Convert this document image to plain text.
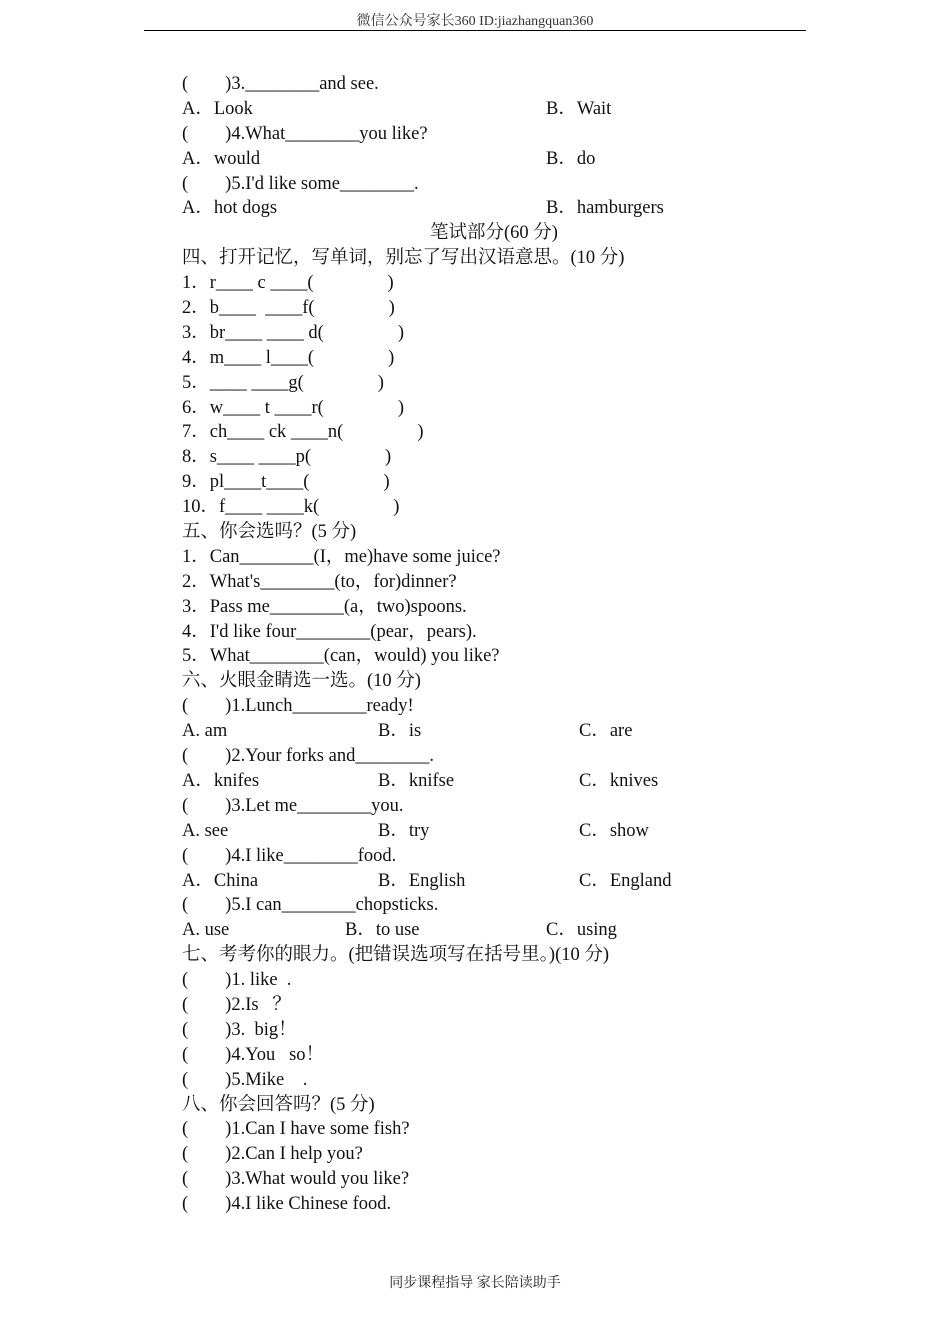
微信公众号家长360 ID:jiazhangquan360
(        )3.________and see.
A．Look	B．Wait
(        )4.What________you like?
A．would	B．do
(        )5.I'd like some________.
A．hot dogs	B．hamburgers
笔试部分(60 分)
四、打开记忆，写单词，别忘了写出汉语意思。(10 分)
1．r____ c ____(                )
2．b____  ____f(                )
3．br____ ____ d(                )
4．m____ l____(                )
5．____ ____g(                )
6．w____ t ____r(                )
7．ch____ ck ____n(                )
8．s____ ____p(                )
9．pl____t____(                )
10．f____ ____k(                )
五、你会选吗？(5 分)
1．Can________(I，me)have some juice?
2．What's________(to，for)dinner?
3．Pass me________(a，two)spoons.
4．I'd like four________(pear，pears).
5．What________(can，would) you like?
六、火眼金睛选一选。(10 分)
(        )1.Lunch________ready!
A. am	B．is	C．are
(        )2.Your forks and________.
A．knifes	B．knifse	C．knives
(        )3.Let me________you.
A. see	B．try	C．show
(        )4.I like________food.
A．China	B．English	C．England
(        )5.I can________chopsticks.
A. use	B．to use	C．using
七、考考你的眼力。(把错误选项写在括号里。)(10 分)
(        )1. like  .
(        )2.Is   ？
(        )3.  big！
(        )4.You   so！
(        )5.Mike    .
八、你会回答吗？(5 分)
(        )1.Can I have some fish?
(        )2.Can I help you?
(        )3.What would you like?
(        )4.I like Chinese food.
同步课程指导 家长陪读助手
